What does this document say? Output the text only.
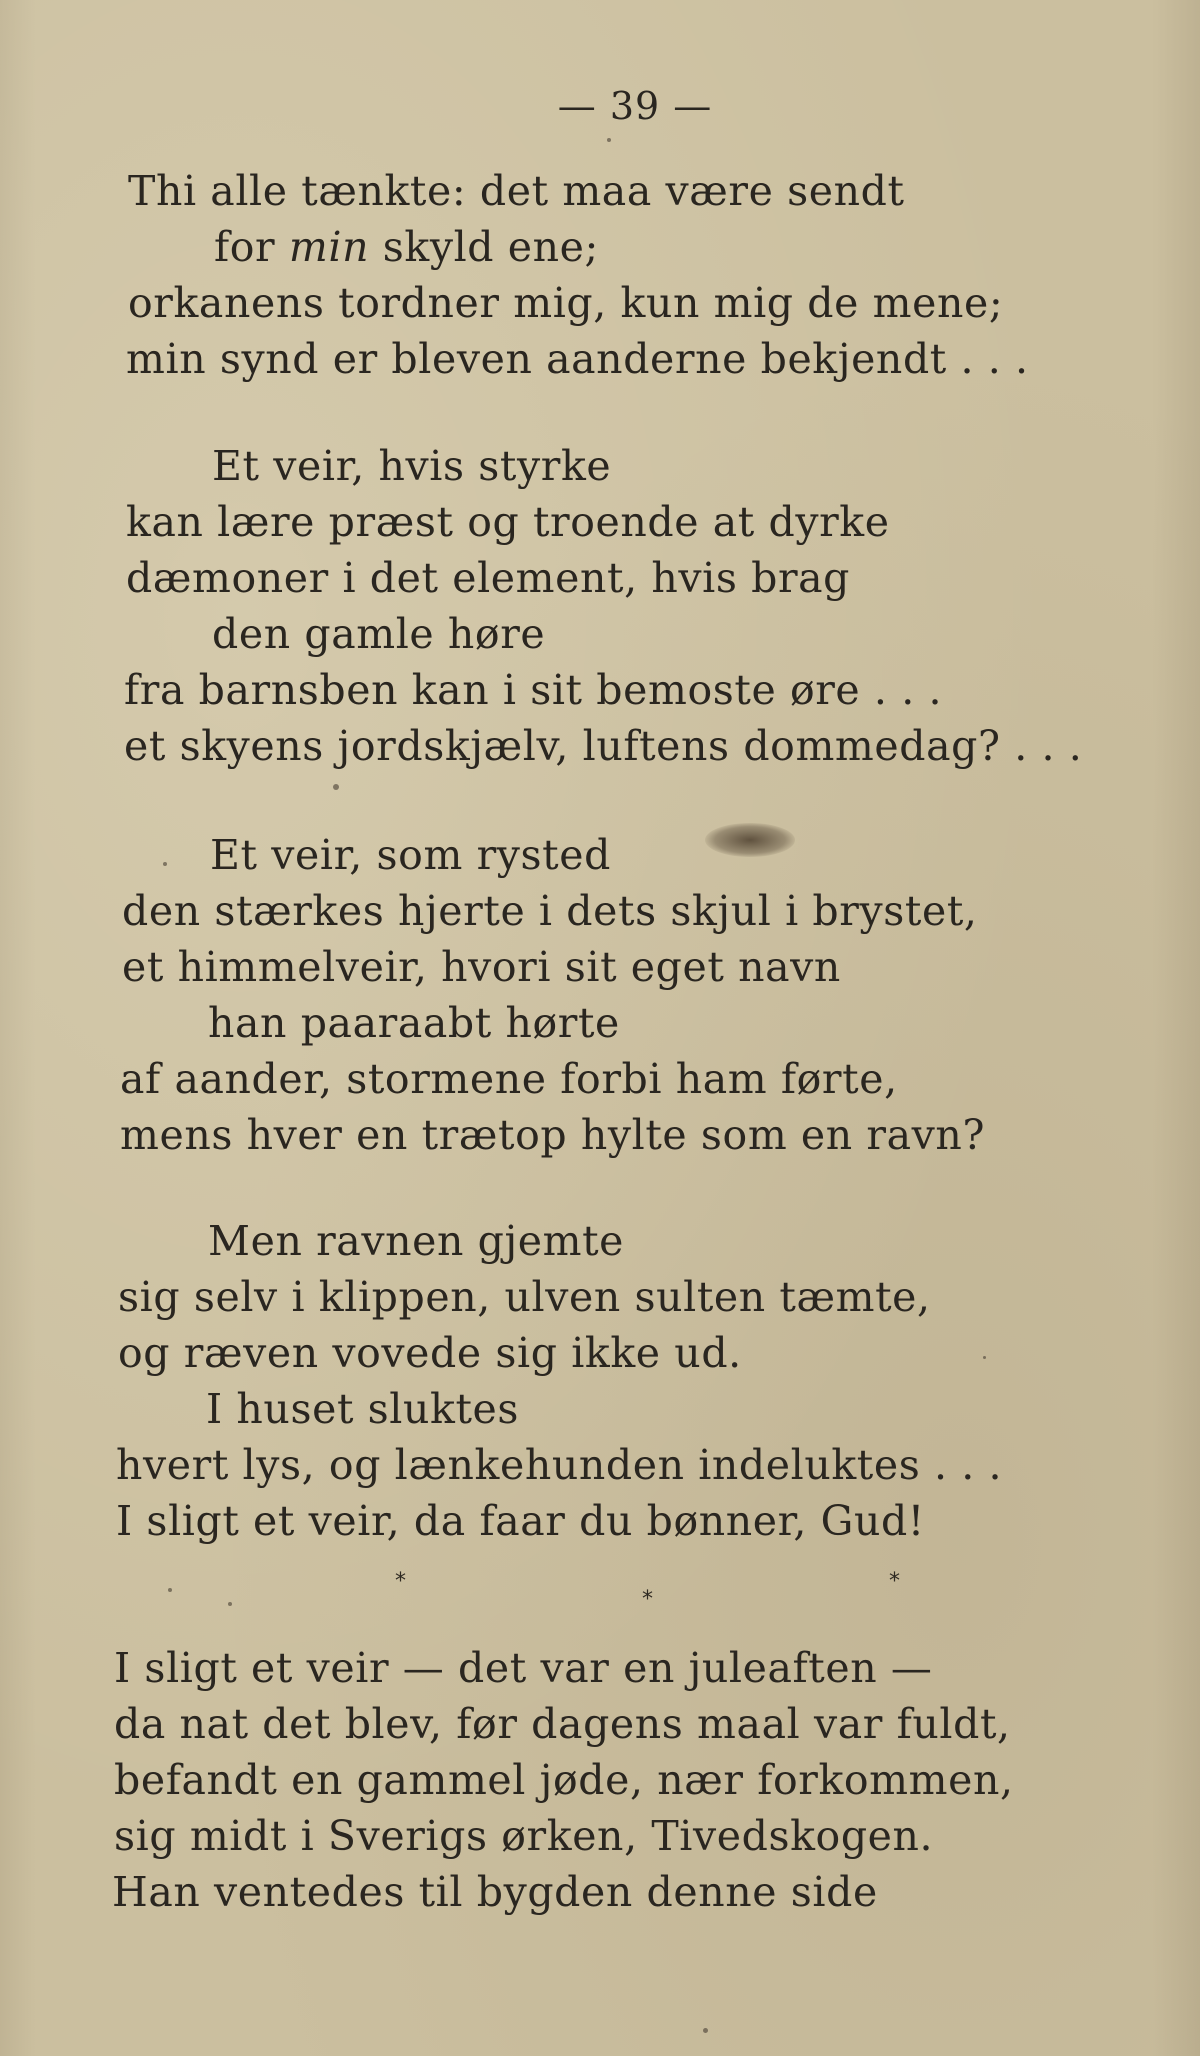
— 39 —
Thi alle tænkte: det maa være sendt
for min skyld ene;
orkanens tordner mig, kun mig de mene;
min synd er bleven aanderne bekjendt . . .
Et veir, hvis styrke
kan lære præst og troende at dyrke
dæmoner i det element, hvis brag
den gamle høre
fra barnsben kan i sit bemoste øre . . .
et skyens jordskjælv, luftens dommedag? . . .
Et veir, som rysted
den stærkes hjerte i dets skjul i brystet,
et himmelveir, hvori sit eget navn
han paaraabt hørte
af aander, stormene forbi ham førte,
mens hver en trætop hylte som en ravn?
Men ravnen gjemte
sig selv i klippen, ulven sulten tæmte,
og ræven vovede sig ikke ud.
I huset sluktes
hvert lys, og lænkehunden indeluktes . . .
I sligt et veir, da faar du bønner, Gud!
*
*
*
I sligt et veir — det var en juleaften —
da nat det blev, før dagens maal var fuldt,
befandt en gammel jøde, nær forkommen,
sig midt i Sverigs ørken, Tivedskogen.
Han ventedes til bygden denne side
